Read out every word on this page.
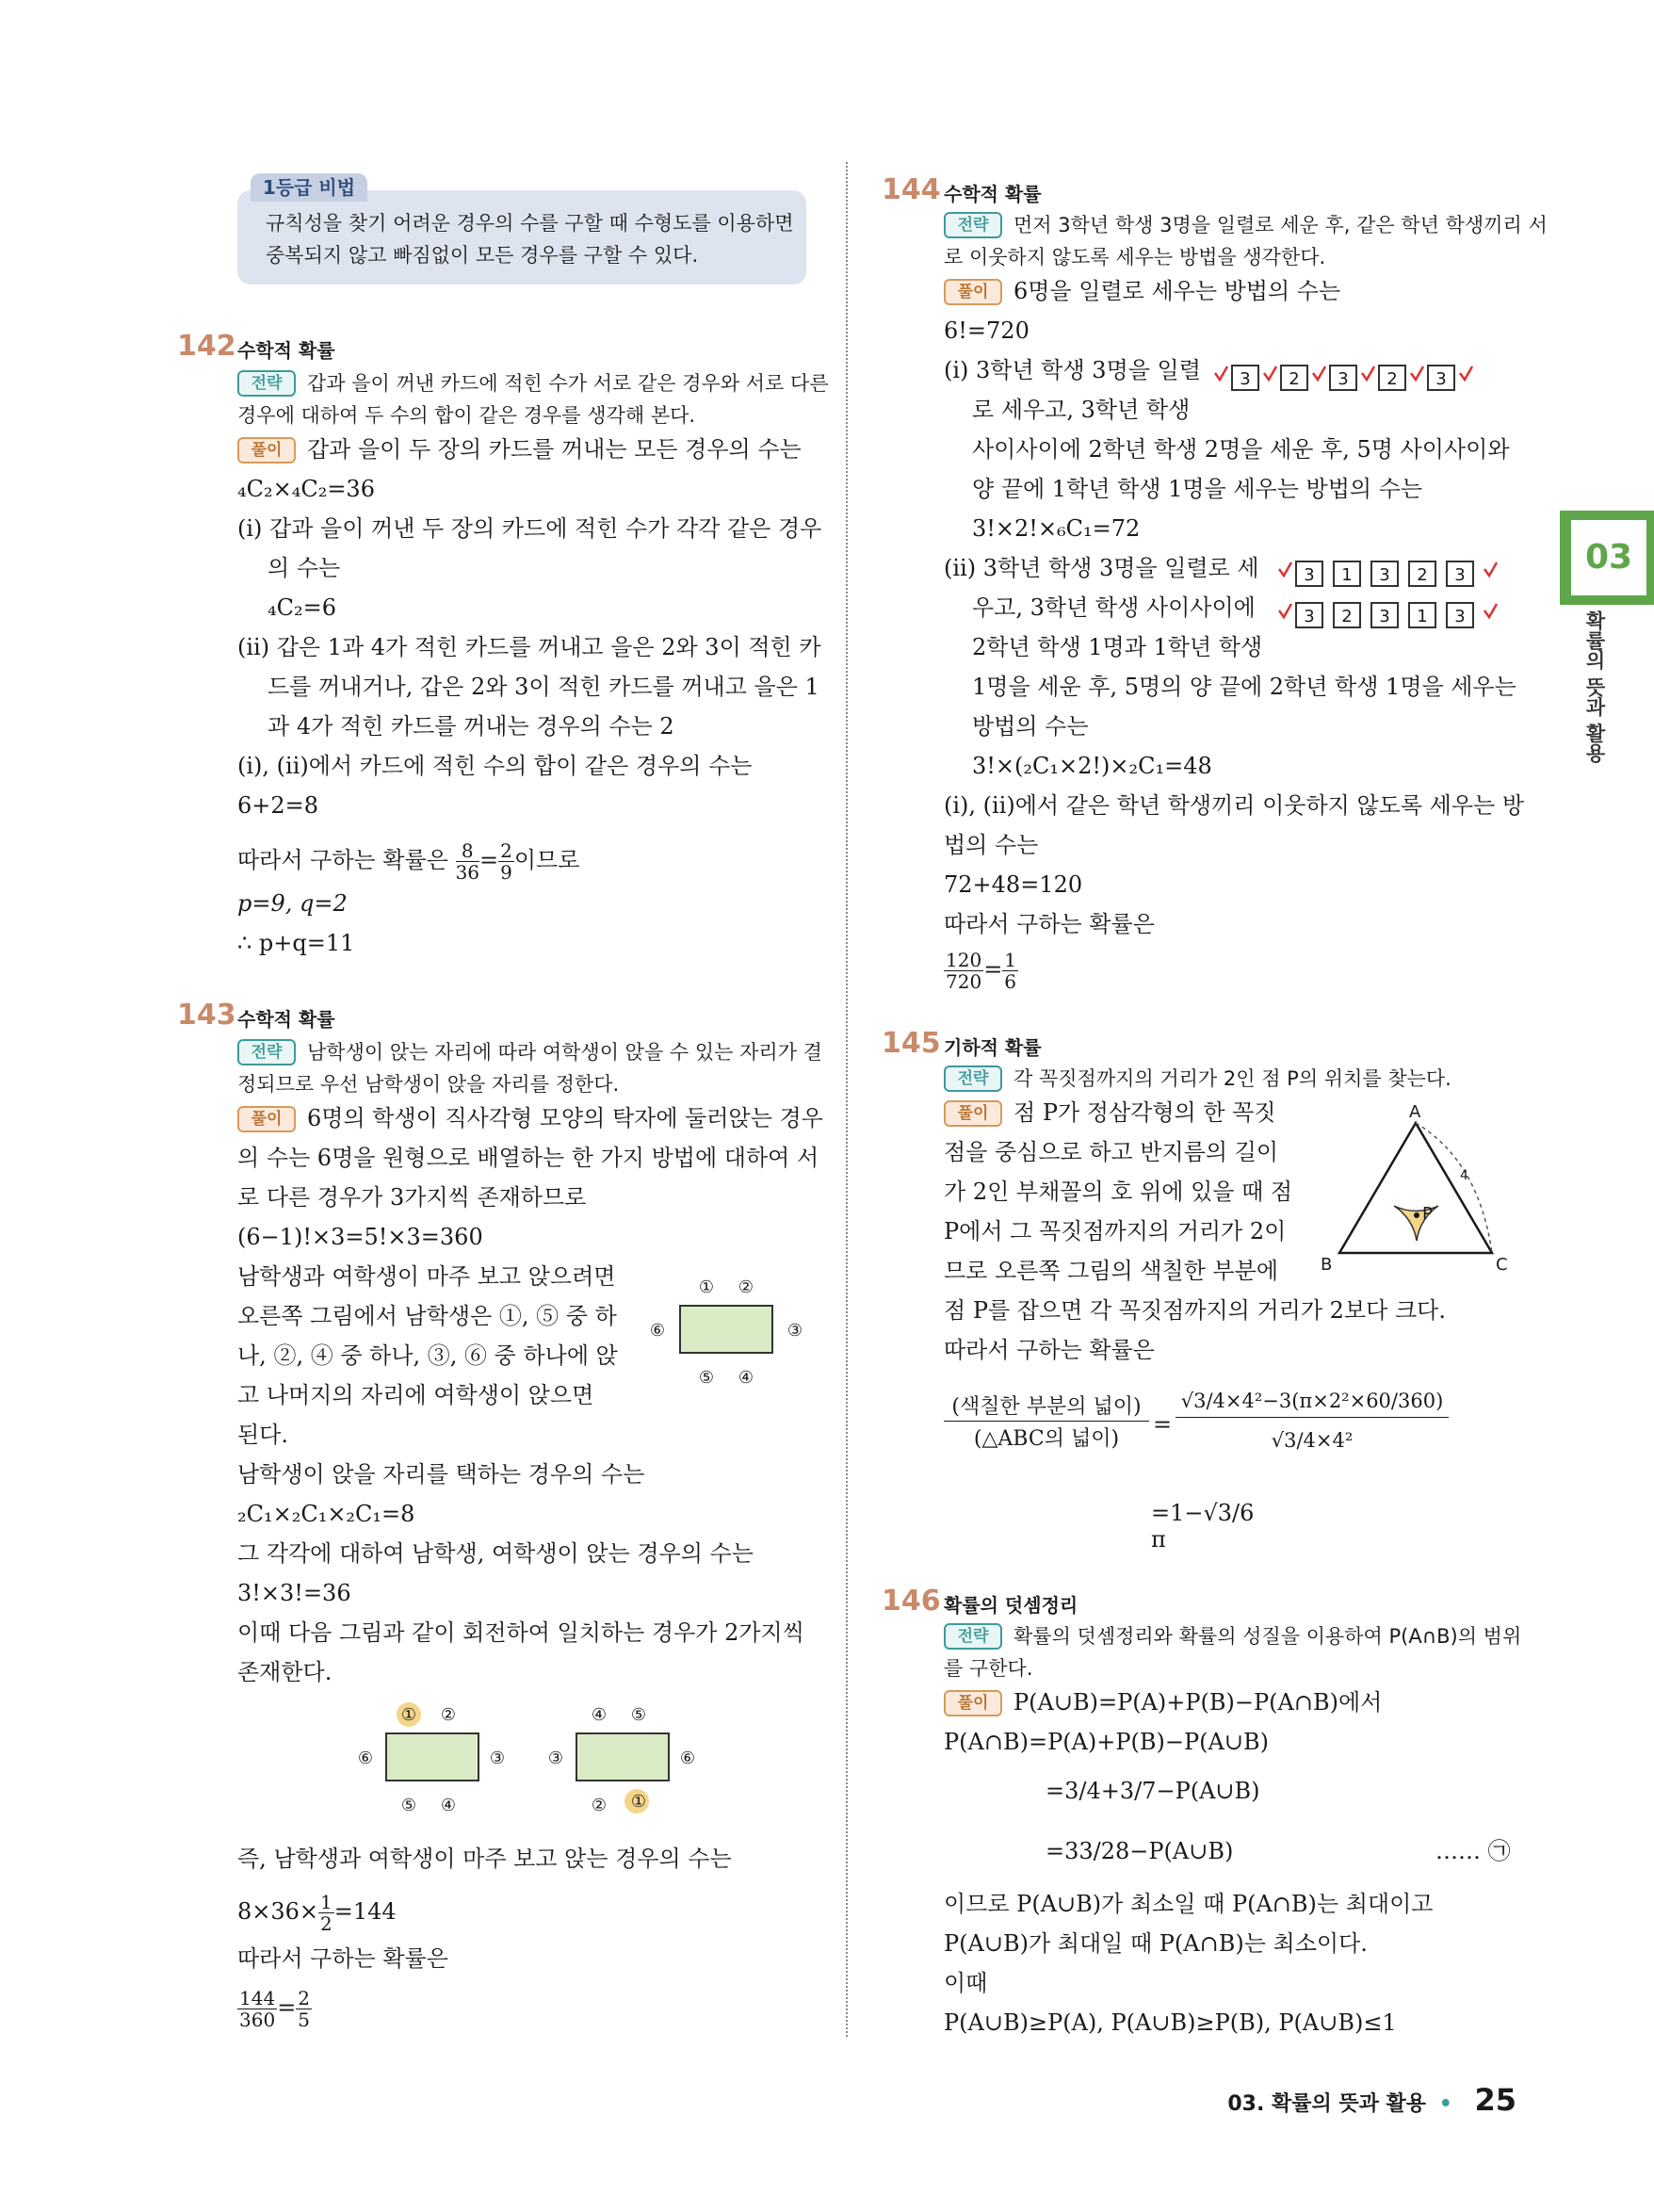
1등급 비법
규칙성을 찾기 어려운 경우의 수를 구할 때 수형도를 이용하면
중복되지 않고 빠짐없이 모든 경우를 구할 수 있다.
142 수학적 확률
전략 갑과 을이 꺼낸 카드에 적힌 수가 서로 같은 경우와 서로 다른
경우에 대하여 두 수의 합이 같은 경우를 생각해 본다.
풀이 갑과 을이 두 장의 카드를 꺼내는 모든 경우의 수는
₄C₂×₄C₂=36
(ⅰ) 갑과 을이 꺼낸 두 장의 카드에 적힌 수가 각각 같은 경우
의 수는
₄C₂=6
(ⅱ) 갑은 1과 4가 적힌 카드를 꺼내고 을은 2와 3이 적힌 카
드를 꺼내거나, 갑은 2와 3이 적힌 카드를 꺼내고 을은 1
과 4가 적힌 카드를 꺼내는 경우의 수는 2
(ⅰ), (ⅱ)에서 카드에 적힌 수의 합이 같은 경우의 수는
6+2=8
따라서 구하는 확률은 $\frac{8}{36} = \frac{2}{9}$ 이므로
p=9, q=2
∴ p+q=11
143 수학적 확률
전략 남학생이 앉는 자리에 따라 여학생이 앉을 수 있는 자리가 결
정되므로 우선 남학생이 앉을 자리를 정한다.
풀이 6명의 학생이 직사각형 모양의 탁자에 둘러앉는 경우
의 수는 6명을 원형으로 배열하는 한 가지 방법에 대하여 서
로 다른 경우가 3가지씩 존재하므로
(6−1)!×3=5!×3=360
남학생과 여학생이 마주 보고 앉으려면
오른쪽 그림에서 남학생은 ①, ⑤ 중 하
나, ②, ④ 중 하나, ③, ⑥ 중 하나에 앉
고 나머지의 자리에 여학생이 앉으면
된다.
① ②
③
④
⑤
⑥
남학생이 앉을 자리를 택하는 경우의 수는
₂C₁×₂C₁×₂C₁=8
그 각각에 대하여 남학생, 여학생이 앉는 경우의 수는
3!×3!=36
이때 다음 그림과 같이 회전하여 일치하는 경우가 2가지씩
존재한다.
① ②
③
④
⑤
⑥
④ ⑤
⑥
①
②
③
즉, 남학생과 여학생이 마주 보고 앉는 경우의 수는
$8\times 36\times \frac{1}{2} =144$
따라서 구하는 확률은
$\frac{144}{360} = \frac{2}{5}$
144 수학적 확률
전략 먼저 3학년 학생 3명을 일렬로 세운 후, 같은 학년 학생끼리 서
로 이웃하지 않도록 세우는 방법을 생각한다.
풀이 6명을 일렬로 세우는 방법의 수는
6!=720
(ⅰ) 3학년 학생 3명을 일렬
로 세우고, 3학년 학생
사이사이에 2학년 학생 2명을 세운 후, 5명 사이사이와
양 끝에 1학년 학생 1명을 세우는 방법의 수는
3!×2!×₆C₁=72
(ⅱ) 3학년 학생 3명을 일렬로 세
우고, 3학년 학생 사이사이에
2학년 학생 1명과 1학년 학생
1명을 세운 후, 5명의 양 끝에 2학년 학생 1명을 세우는
방법의 수는
3!×(₂C₁×2!)×₂C₁=48
(ⅰ), (ⅱ)에서 같은 학년 학생끼리 이웃하지 않도록 세우는 방
법의 수는
72+48=120
따라서 구하는 확률은
$\frac{120}{720} = \frac{1}{6}$
3 2 3 2 3
3 1 3 2 3
3 2 3 1 3
145 기하적 확률
전략 각 꼭짓점까지의 거리가 2인 점 P의 위치를 찾는다.
풀이 점 P가 정삼각형의 한 꼭짓
점을 중심으로 하고 반지름의 길이
가 2인 부채꼴의 호 위에 있을 때 점
P에서 그 꼭짓점까지의 거리가 2이
므로 오른쪽 그림의 색칠한 부분에
점 P를 잡으면 각 꼭짓점까지의 거리가 2보다 크다.
따라서 구하는 확률은
A
B	C
P
4
(색칠한 부분의 넓이)
(△ABC의 넓이)
=
√3/4×4²−3(π×2²×60/360)
√3/4×4²
=1−√3/6 π
146 확률의 덧셈정리
전략 확률의 덧셈정리와 확률의 성질을 이용하여 P(A∩B)의 범위
를 구한다.
풀이 P(A∪B)=P(A)+P(B)−P(A∩B)에서
P(A∩B)=P(A)+P(B)−P(A∪B)
=3/4+3/7−P(A∪B)
=33/28−P(A∪B)	…… ㉠
이므로 P(A∪B)가 최소일 때 P(A∩B)는 최대이고
P(A∪B)가 최대일 때 P(A∩B)는 최소이다.
이때
P(A∪B)≥P(A), P(A∪B)≥P(B), P(A∪B)≤1
03
확률의 뜻과 활용
03. 확률의 뜻과 활용 • 25
